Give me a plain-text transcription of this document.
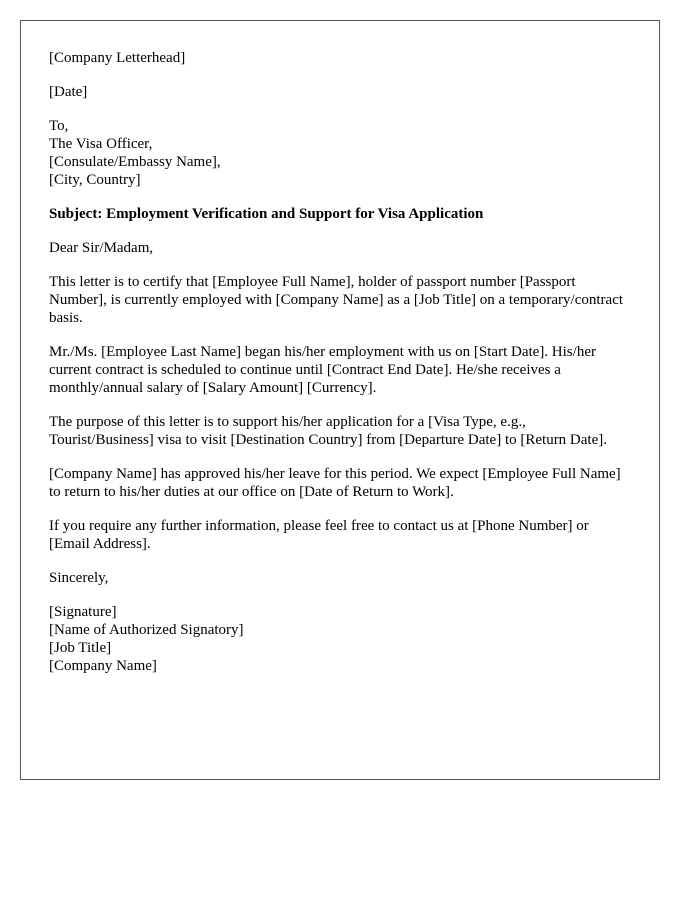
[Company Letterhead]
[Date]
To,
The Visa Officer,
[Consulate/Embassy Name],
[City, Country]
Subject: Employment Verification and Support for Visa Application
Dear Sir/Madam,

This letter is to certify that [Employee Full Name], holder of passport number [Passport Number], is currently employed with [Company Name] as a [Job Title] on a temporary/contract basis.

Mr./Ms. [Employee Last Name] began his/her employment with us on [Start Date]. His/her current contract is scheduled to continue until [Contract End Date]. He/she receives a monthly/annual salary of [Salary Amount] [Currency].

The purpose of this letter is to support his/her application for a [Visa Type, e.g., Tourist/Business] visa to visit [Destination Country] from [Departure Date] to [Return Date].

[Company Name] has approved his/her leave for this period. We expect [Employee Full Name] to return to his/her duties at our office on [Date of Return to Work].

If you require any further information, please feel free to contact us at [Phone Number] or [Email Address].

Sincerely,
[Signature]
[Name of Authorized Signatory]
[Job Title]
[Company Name]
